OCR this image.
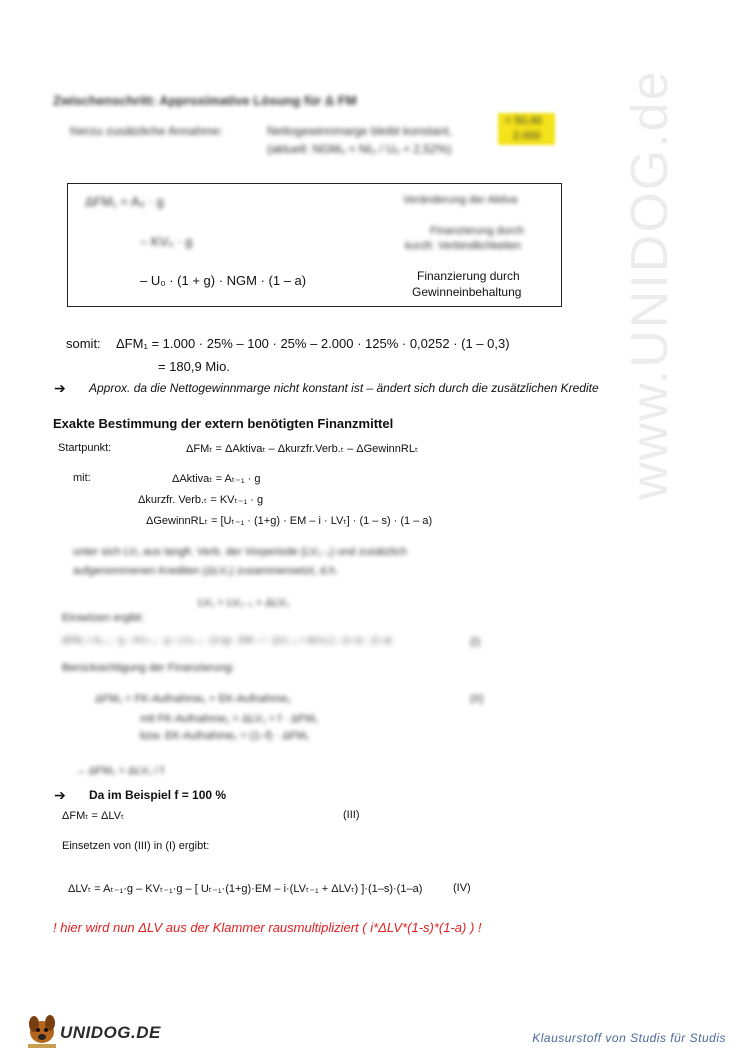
www.UNIDOG.de
Zwischenschritt: Approximative Lösung für Δ FM
hierzu zusätzliche Annahme:	Nettogewinnmarge bleibt konstant,
(aktuell: NGM₀ = NI₀ / U₀ = 2,52%)
= 50,40
2.000
ΔFM₁ = A₀ · g	Veränderung der Aktiva
– KV₀ · g
Finanzierung durch
kurzfr. Verbindlichkeiten
– U₀ · (1 + g) · NGM · (1 – a)	Finanzierung durch
Gewinneinbehaltung
somit: ΔFM₁ = 1.000 · 25% – 100 · 25% – 2.000 · 125% · 0,0252 · (1 – 0,3)
= 180,9 Mio.
➔ Approx. da die Nettogewinnmarge nicht konstant ist – ändert sich durch die zusätzlichen Kredite
Exakte Bestimmung der extern benötigten Finanzmittel
Startpunkt:	ΔFMₜ = ΔAktivaₜ – Δkurzfr.Verb.ₜ – ΔGewinnRLₜ
mit:	ΔAktivaₜ = Aₜ₋₁ · g
Δkurzfr. Verb.ₜ = KVₜ₋₁ · g
ΔGewinnRLₜ = [Uₜ₋₁ · (1+g) · EM – i · LVₜ] · (1 – s) · (1 – a)
unter sich LV₁ aus langfr. Verb. der Vorperiode (LV₁₋₁) und zusätzlich
aufgenommenen Krediten (ΔLV₁) zusammensetzt, d.h.
LV₁ = LV₁₋₁ + ΔLV₁
Einsetzen ergibt:
ΔFM₁ = A₁₋₁ · g – KV₁₋₁ · g – [ U₁₋₁ · (1+g) · EM – i · (LV₁₋₁ + ΔLV₁) ] · (1–s) · (1–a)	(I)
Berücksichtigung der Finanzierung:
ΔFM₁ = FK-Aufnahme₁ + EK-Aufnahme₁	(II)
mit FK-Aufnahme₁ = ΔLV₁ = f · ΔFM₁
bzw. EK-Aufnahme₁ = (1–f) · ΔFM₁
→ ΔFM₁ = ΔLV₁ / f
➔ Da im Beispiel f = 100 %
ΔFMₜ = ΔLVₜ	(III)
Einsetzen von (III) in (I) ergibt:
ΔLVₜ = Aₜ₋₁·g – KVₜ₋₁·g – [ Uₜ₋₁·(1+g)·EM – i·(LVₜ₋₁ + ΔLVₜ) ]·(1–s)·(1–a)	(IV)
! hier wird nun ΔLV aus der Klammer rausmultipliziert ( i*ΔLV*(1-s)*(1-a) ) !
UNIDOG.DE	Klausurstoff von Studis für Studis
